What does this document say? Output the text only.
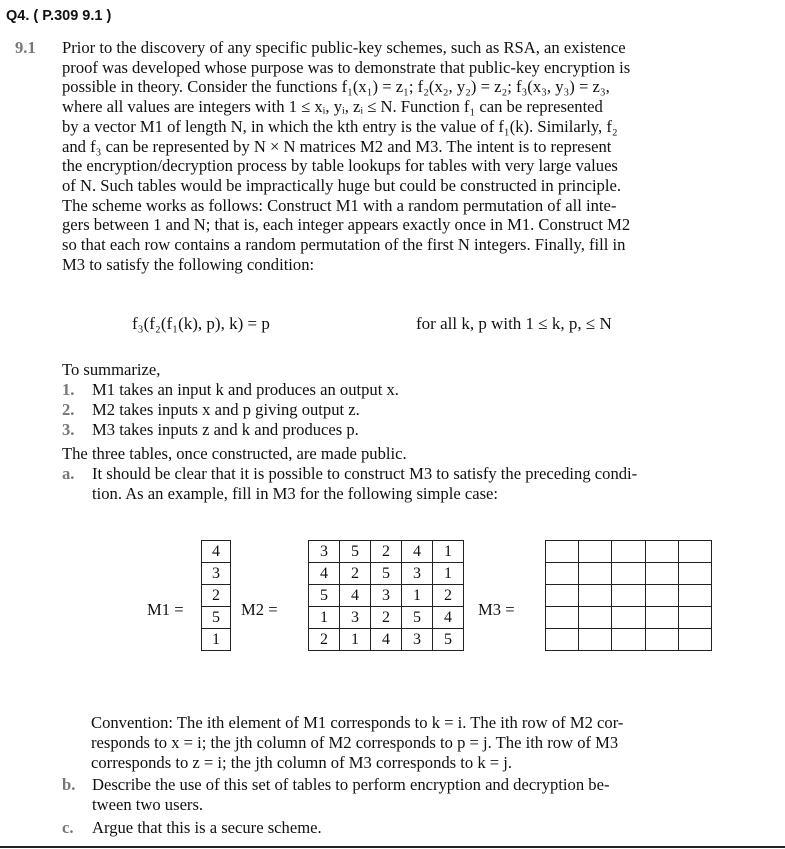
Q4. ( P.309 9.1 )
9.1 Prior to the discovery of any specific public-key schemes, such as RSA, an existence
proof was developed whose purpose was to demonstrate that public-key encryption is
possible in theory. Consider the functions f₁(x₁) = z₁; f₂(x₂, y₂) = z₂; f₃(x₃, y₃) = z₃,
where all values are integers with 1 ≤ xᵢ, yᵢ, zᵢ ≤ N. Function f₁ can be represented
by a vector M1 of length N, in which the kth entry is the value of f₁(k). Similarly, f₂
and f₃ can be represented by N × N matrices M2 and M3. The intent is to represent
the encryption/decryption process by table lookups for tables with very large values
of N. Such tables would be impractically huge but could be constructed in principle.
The scheme works as follows: Construct M1 with a random permutation of all inte-
gers between 1 and N; that is, each integer appears exactly once in M1. Construct M2
so that each row contains a random permutation of the first N integers. Finally, fill in
M3 to satisfy the following condition:
f₃(f₂(f₁(k), p), k) = p	for all k, p with 1 ≤ k, p, ≤ N
To summarize,
1. M1 takes an input k and produces an output x.
2. M2 takes inputs x and p giving output z.
3. M3 takes inputs z and k and produces p.
The three tables, once constructed, are made public.
a. It should be clear that it is possible to construct M3 to satisfy the preceding condi-
tion. As an example, fill in M3 for the following simple case:
M1 =
4
3
2
5
1
M2 =
3	5	2	4	1
4	2	5	3	1
5	4	3	1	2
1	3	2	5	4
2	1	4	3	5
M3 =

Convention: The ith element of M1 corresponds to k = i. The ith row of M2 cor-
responds to x = i; the jth column of M2 corresponds to p = j. The ith row of M3
corresponds to z = i; the jth column of M3 corresponds to k = j.
b. Describe the use of this set of tables to perform encryption and decryption be-
tween two users.
c. Argue that this is a secure scheme.
